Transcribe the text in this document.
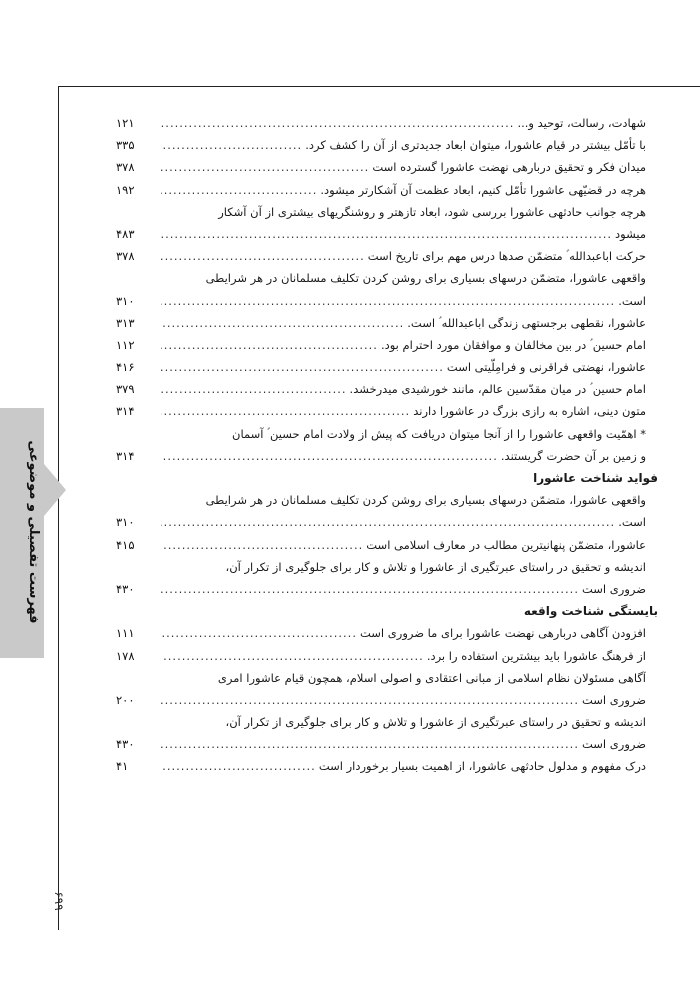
فهرست تفصیلی و موضوعی
۶۹۹
شهادت، رسالت، توحید و...
.....
۱۲۱
با تأمّل بیشتر در قیام عاشورا، میتوان ابعاد جدیدتری از آن را کشف کرد.
.....
۳۳۵
میدان فکر و تحقیق دربارهی نهضت عاشورا گسترده است
.....
۳۷۸
هرچه در قضیّهی عاشورا تأمّل کنیم، ابعاد عظمت آن آشکارتر میشود.
.....
۱۹۲
هرچه جوانب حادثهی عاشورا بررسی شود، ابعاد تازهتر و روشنگریهای بیشتری از آن آشکار
میشود
.....
۴۸۳
حرکت اباعبدالله ؑ متضمّن صدها درس مهم برای تاریخ است
.....
۳۷۸
واقعهی عاشورا، متضمّن درسهای بسیاری برای روشن کردن تکلیف مسلمانان در هر شرایطی
است.
.....
۳۱۰
عاشورا، نقطهی برجستهی زندگی اباعبدالله ؑ است.
.....
۳۱۳
امام حسین ؑ در بین مخالفان و موافقان مورد احترام بود.
.....
۱۱۲
عاشورا، نهضتی فراقرنی و فرامِلّیتی است
.....
۴۱۶
امام حسین ؑ در میان مقدّسین عالم، مانند خورشیدی میدرخشد.
.....
۳۷۹
متون دینی، اشاره به رازی بزرگ در عاشورا دارند
.....
۳۱۴
* اهمّیت واقعهی عاشورا را از آنجا میتوان دریافت که پیش از ولادت امام حسین ؑ آسمان
و زمین بر آن حضرت گریستند.
.....
۳۱۴
فواید شناخت عاشورا
واقعهی عاشورا، متضمّن درسهای بسیاری برای روشن کردن تکلیف مسلمانان در هر شرایطی
است.
.....
۳۱۰
عاشورا، متضمّن پنهانیترین مطالب در معارف اسلامی است
.....
۴۱۵
اندیشه و تحقیق در راستای عبرتگیری از عاشورا و تلاش و کار برای جلوگیری از تکرار آن،
ضروری است
.....
۴۳۰
بایستگی شناخت واقعه
افزودن آگاهی دربارهی نهضت عاشورا برای ما ضروری است
.....
۱۱۱
از فرهنگ عاشورا باید بیشترین استفاده را برد.
.....
۱۷۸
آگاهی مسئولان نظام اسلامی از مبانی اعتقادی و اصولی اسلام، همچون قیام عاشورا امری
ضروری است
.....
۲۰۰
اندیشه و تحقیق در راستای عبرتگیری از عاشورا و تلاش و کار برای جلوگیری از تکرار آن،
ضروری است
.....
۴۳۰
درک مفهوم و مدلول حادثهی عاشورا، از اهمیت بسیار برخوردار است
.....
۴۱
